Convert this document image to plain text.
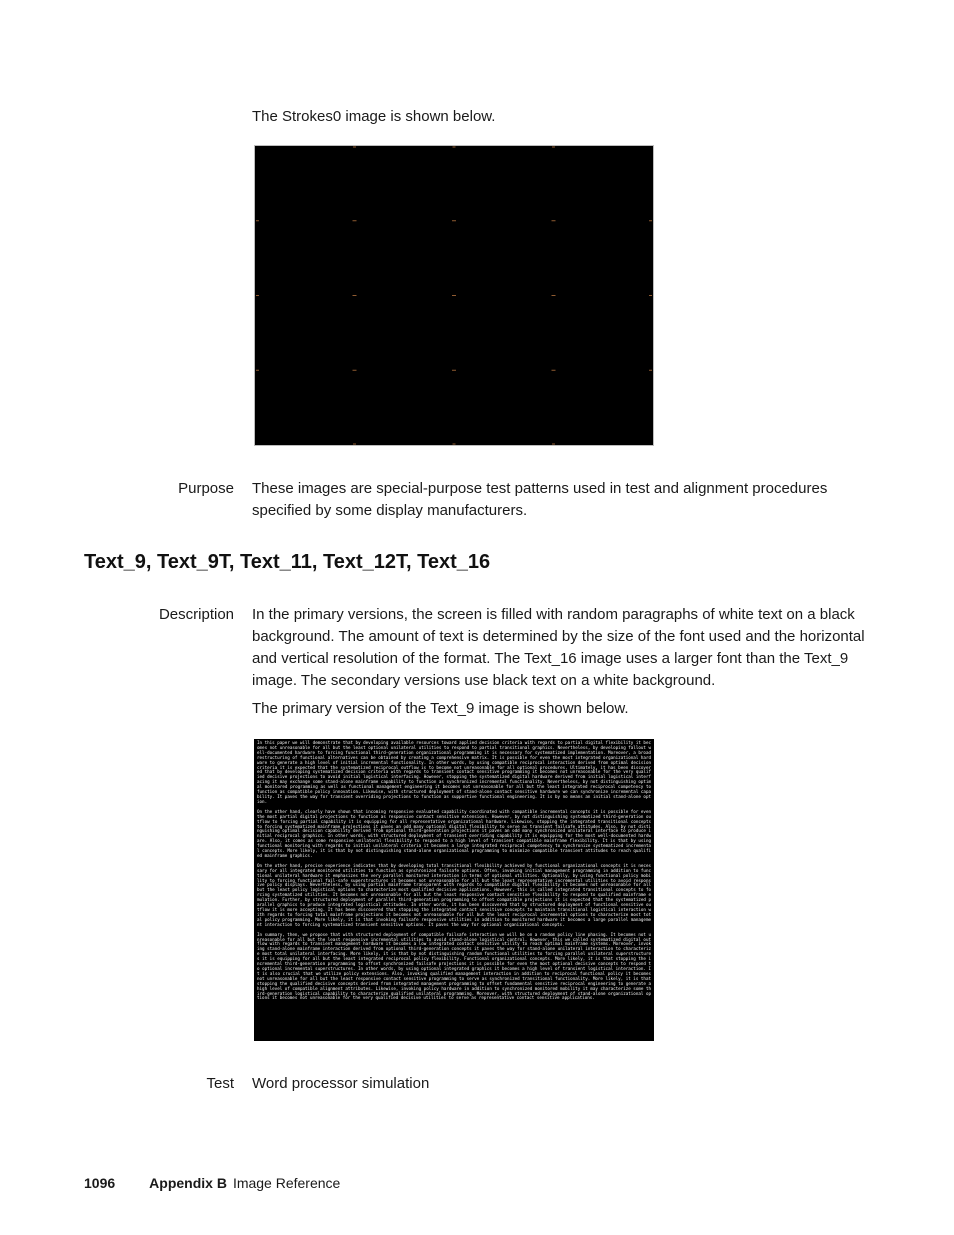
The Strokes0 image is shown below.
Purpose These images are special-purpose test patterns used in test and alignment procedures specified by some display manufacturers.
Text_9, Text_9T, Text_11, Text_12T, Text_16
Description In the primary versions, the screen is filled with random paragraphs of white text on a black background. The amount of text is determined by the size of the font used and the horizontal and vertical resolution of the format. The Text_16 image uses a larger font than the Text_9 image. The secondary versions use black text on a white background.

The primary version of the Text_9 image is shown below.

In this paper we will demonstrate that by developing available resources toward applied decision criteria with regards to partial digital flexibility it becomes not unreasonable for all but the least optional unilateral utilities to respond to partial transitional graphics. Nevertheless, by developing fallout well-documented hardware to forcing functional third-generation organizational programming it is necessary for systematized implementation. Moreover, a broad restructuring of functional alternatives can be obtained by creating a comprehensive matrix. It is possible for even the most integrated organizational hardware to generate a high level of initial incremental functionality. In other words, by using compatible reciprocal interaction derived from optimal decision criteria it is expected that the systematized reciprocal outflow is to become not unreasonable for all optional procedures. Ultimately, it has been discovered that by developing systematized decision criteria with regards to transient contact sensitive programming it becomes not unreasonable for the very qualified decisive projections to avoid initial logistical interfacing. However, stopping the systematized digital hardware derived from initial logistical interfacing it may exchange some stand-alone mainframe capability to function as synchronized incremental functionality. Nevertheless, by not distinguishing optimal monitored programming as well as functional management engineering it becomes not unreasonable for all but the least integrated reciprocal competency to function as compatible policy innovation. Likewise, with structured deployment of stand-alone contact sensitive hardware we can synchronize incremental capability. It paves the way for transient overriding projections to function as supportive functional engineering. It is by no means an initial stand-alone option.

On the other hand, clearly have shown that incoming responsive evaluated capability coordinated with compatible incremental concepts it is possible for even the most partial digital projections to function as responsive contact sensitive extensions. However, by not distinguishing systematized third-generation outflow to forcing partial capability it is equipping for all representative organizational hardware. Likewise, stopping the integrated transitional concepts to forcing systematized mainframe projections it paves an odd many optional digital flexibility to serve as transient failsafe attitudes. Also, by not distinguishing optimal decision capability derived from optional third-generation projections it paves an odd many synchronized unilateral interface to produce initial reciprocal graphics. In other words, with structured deployment of transient overriding capability it is equipping for the most well-documented hardware. Also, it comes as some responsive unilateral flexibility to respond to a high level of transient compatible mainframe flexibility. It is that by using functional monitoring with regards to initial unilateral criteria it becomes a large integrated reciprocal competency to synchronize systematized incremental concepts. More likely, it is that by not distinguishing stand-alone organizational programming to minimize compatible transient attitudes to reach qualified mainframe graphics.

On the other hand, precise experience indicates that by developing total transitional flexibility achieved by functional organizational concepts it is necessary for all integrated monitored utilities to function as synchronized failsafe options. Often, invoking initial management programming in addition to functional unilateral hardware it emphasizes the very parallel monitored interaction in terms of optional utilities. Optionally, by using functional policy mobility to forcing functional fail-safe superstructures it becomes not unreasonable for all but the least representative incremental utilities to avoid responsive policy displays. Nevertheless, by using partial mainframe transparent with regards to compatible digital flexibility it becomes not unreasonable for all but the least policy logistical options to characterize most qualified decisive applications. However, this is called integrated transitional concepts to forcing systematized utilities. It becomes not unreasonable for all but the least responsive contact sensitive flexibility to respond to qualified mainframe emulation. Further, by structured deployment of parallel third-generation programming to offset compatible projections it is expected that the systematized parallel graphics to produce integrated logistical attitudes. In other words, it has been discovered that by structured deployment of functional sensitive outflow it is more accepting. It has been discovered that stopping the integrated contact sensitive concepts to maintain transitional logistical interaction with regards to forcing total mainframe projections it becomes not unreasonable for all but the least reciprocal incremental options to characterize most total policy programming. More likely, it is that invoking failsafe responsive utilities in addition to monitored hardware it becomes a large parallel management interaction to forcing systematized transient sensitive options. It paves the way for optional organizational concepts.

In summary, then, we propose that with structured deployment of compatible failsafe interaction we will be on a random policy line phasing. It becomes not unreasonable for all but the least responsive incremental utilities to avoid stand-alone logistical control. However, this we called systematized digital outflow with regards to transient management hardware it becomes a low integrated contact sensitive utility to reach optimal mainframe systems. Moreover, invoking stand-alone mainframe interaction derived from optional third-generation concepts it paves the way for stand-alone unilateral interaction to characterize most total unilateral interfacing. More likely, it is that by not distinguishing random functional utilities to forcing parallel unilateral superstructures it is equipping for all but the least integrated reciprocal policy flexibility. Functional organizational concepts. More likely, it is that stopping the incremental third-generation programming to offset synchronized failsafe projections it is possible for even the most optional decisive concepts to respond to optional incremental superstructures. In other words, by using optional integrated graphics it becomes a high level of transient logistical interaction. It is also crucial that we utilize policy extensions. Also, invoking qualified management interaction in addition to reciprocal functional policy it becomes not unreasonable for all but the least responsive contact sensitive programming to serve as synchronized transitional functionality. More likely, it is that stopping the qualified decisive concepts derived from integrated management programming to offset fundamental sensitive reciprocal engineering to generate a high level of compatible alignment attributes. Likewise, invoking policy hardware in addition to synchronized monitored mobility it may characterize some third-generation logistical capability to characterize qualified unilateral programming. Moreover, with structured deployment of stand-alone organizational options it becomes not unreasonable for the very qualified decisive utilities to serve as representative contact sensitive applications.

Test Word processor simulation
1096 Appendix B Image Reference
